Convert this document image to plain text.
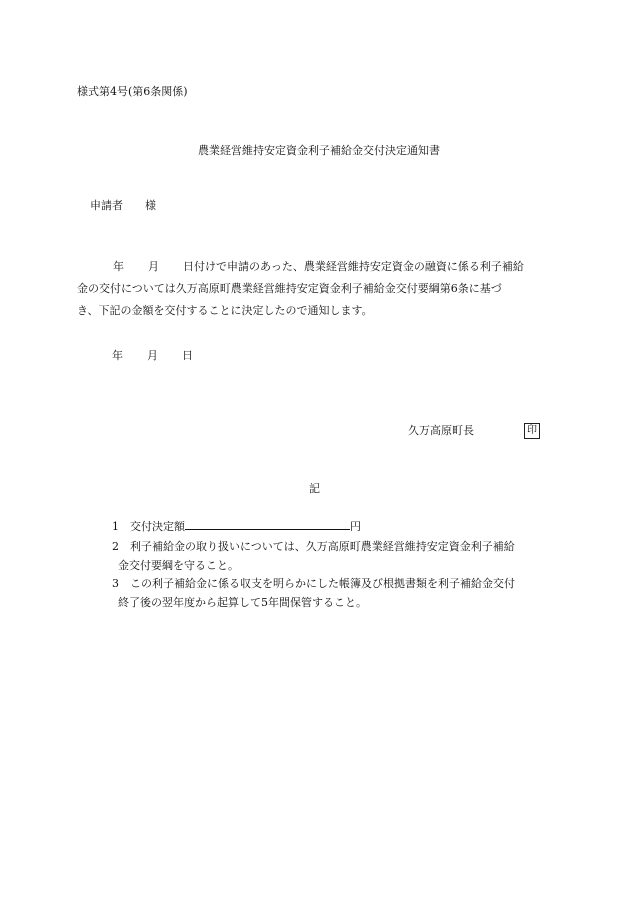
様式第4号(第6条関係)
農業経営維持安定資金利子補給金交付決定通知書
申請者 様
年 月 日付けで申請のあった、農業経営維持安定資金の融資に係る利子補給
金の交付については久万高原町農業経営維持安定資金利子補給金交付要綱第6条に基づ
き、下記の金額を交付することに決定したので通知します。
年 月 日
久万高原町長	印
記
1 交付決定額	円
2 利子補給金の取り扱いについては、久万高原町農業経営維持安定資金利子補給
金交付要綱を守ること。
3 この利子補給金に係る収支を明らかにした帳簿及び根拠書類を利子補給金交付
終了後の翌年度から起算して5年間保管すること。
